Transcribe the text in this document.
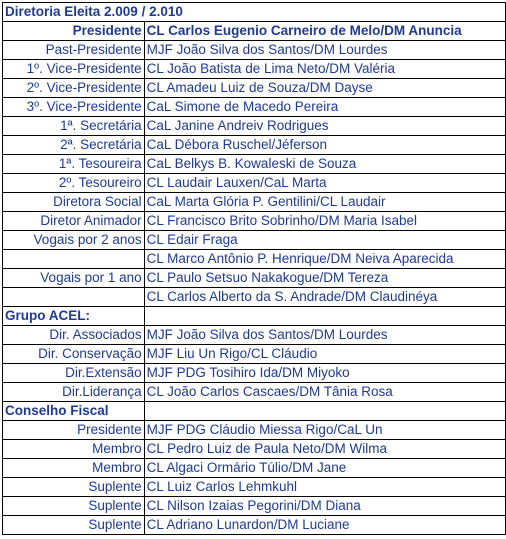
Diretoria Eleita 2.009 / 2.010	
Presidente	CL Carlos Eugenio Carneiro de Melo/DM Anuncia
Past-Presidente	MJF João Silva dos Santos/DM Lourdes
1º. Vice-Presidente	CL João Batista de Lima Neto/DM Valéria
2º. Vice-Presidente	CL Amadeu Luiz de Souza/DM Dayse
3º. Vice-Presidente	CaL Simone de Macedo Pereira
1ª. Secretária	CaL Janine Andreiv Rodrigues
2ª. Secretária	CaL Débora Ruschel/Jéferson
1ª. Tesoureira	CaL Belkys B. Kowaleski de Souza
2º. Tesoureiro	CL Laudair Lauxen/CaL Marta
Diretora Social	CaL Marta Glória P. Gentilini/CL Laudair
Diretor Animador	CL Francisco Brito Sobrinho/DM Maria Isabel
Vogais por 2 anos	CL Edair Fraga
	CL Marco Antônio P. Henrique/DM Neiva Aparecida
Vogais por 1 ano	CL Paulo Setsuo Nakakogue/DM Tereza
	CL Carlos Alberto da S. Andrade/DM Claudinéya
Grupo ACEL:	
Dir. Associados	MJF João Silva dos Santos/DM Lourdes
Dir. Conservação	MJF Liu Un Rigo/CL Cláudio
Dir.Extensão	MJF PDG Tosihiro Ida/DM Miyoko
Dir.Liderança	CL João Carlos Cascaes/DM Tânia Rosa
Conselho Fiscal	
Presidente	MJF PDG Cláudio Miessa Rigo/CaL Un
Membro	CL Pedro Luiz de Paula Neto/DM Wilma
Membro	CL Algaci Ormário Túlio/DM Jane
Suplente	CL Luiz Carlos Lehmkuhl
Suplente	CL Nilson Izaias Pegorini/DM Diana
Suplente	CL Adriano Lunardon/DM Luciane
